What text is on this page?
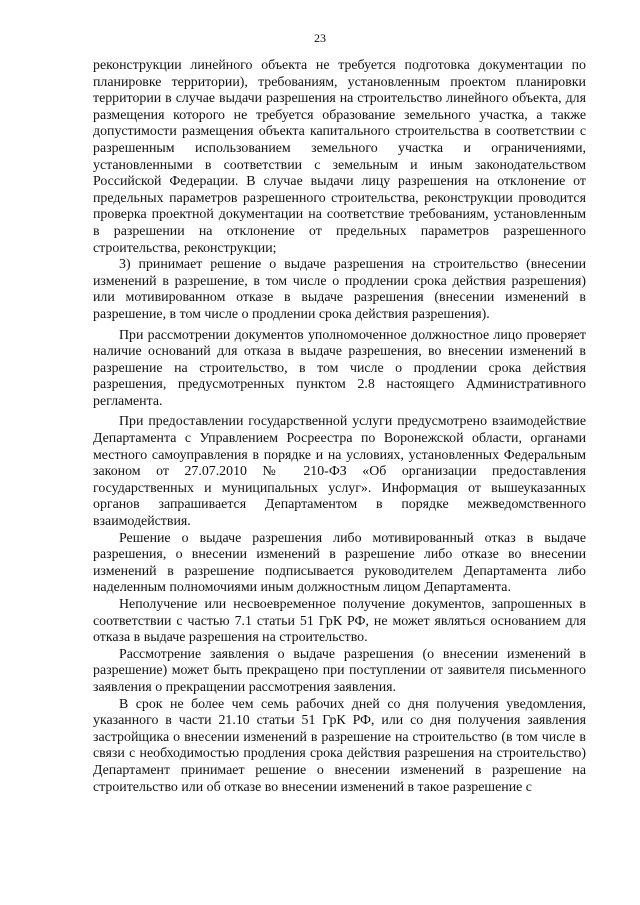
23

реконструкции линейного объекта не требуется подготовка документации по планировке территории), требованиям, установленным проектом планировки территории в случае выдачи разрешения на строительство линейного объекта, для размещения которого не требуется образование земельного участка, а также допустимости размещения объекта капитального строительства в соответствии с разрешенным использованием земельного участка и ограничениями, установленными в соответствии с земельным и иным законодательством Российской Федерации. В случае выдачи лицу разрешения на отклонение от предельных параметров разрешенного строительства, реконструкции проводится проверка проектной документации на соответствие требованиям, установленным в разрешении на отклонение от предельных параметров разрешенного строительства, реконструкции;

3) принимает решение о выдаче разрешения на строительство (внесении изменений в разрешение, в том числе о продлении срока действия разрешения) или мотивированном отказе в выдаче разрешения (внесении изменений в разрешение, в том числе о продлении срока действия разрешения).

При рассмотрении документов уполномоченное должностное лицо проверяет наличие оснований для отказа в выдаче разрешения, во внесении изменений в разрешение на строительство, в том числе о продлении срока действия разрешения, предусмотренных пунктом 2.8 настоящего Административного регламента.

При предоставлении государственной услуги предусмотрено взаимодействие Департамента с Управлением Росреестра по Воронежской области, органами местного самоуправления в порядке и на условиях, установленных Федеральным законом от 27.07.2010 № 210-ФЗ «Об организации предоставления государственных и муниципальных услуг». Информация от вышеуказанных органов запрашивается Департаментом в порядке межведомственного взаимодействия.

Решение о выдаче разрешения либо мотивированный отказ в выдаче разрешения, о внесении изменений в разрешение либо отказе во внесении изменений в разрешение подписывается руководителем Департамента либо наделенным полномочиями иным должностным лицом Департамента.

Неполучение или несвоевременное получение документов, запрошенных в соответствии с частью 7.1 статьи 51 ГрК РФ, не может являться основанием для отказа в выдаче разрешения на строительство.

Рассмотрение заявления о выдаче разрешения (о внесении изменений в разрешение) может быть прекращено при поступлении от заявителя письменного заявления о прекращении рассмотрения заявления.

В срок не более чем семь рабочих дней со дня получения уведомления, указанного в части 21.10 статьи 51 ГрК РФ, или со дня получения заявления застройщика о внесении изменений в разрешение на строительство (в том числе в связи с необходимостью продления срока действия разрешения на строительство) Департамент принимает решение о внесении изменений в разрешение на строительство или об отказе во внесении изменений в такое разрешение с
